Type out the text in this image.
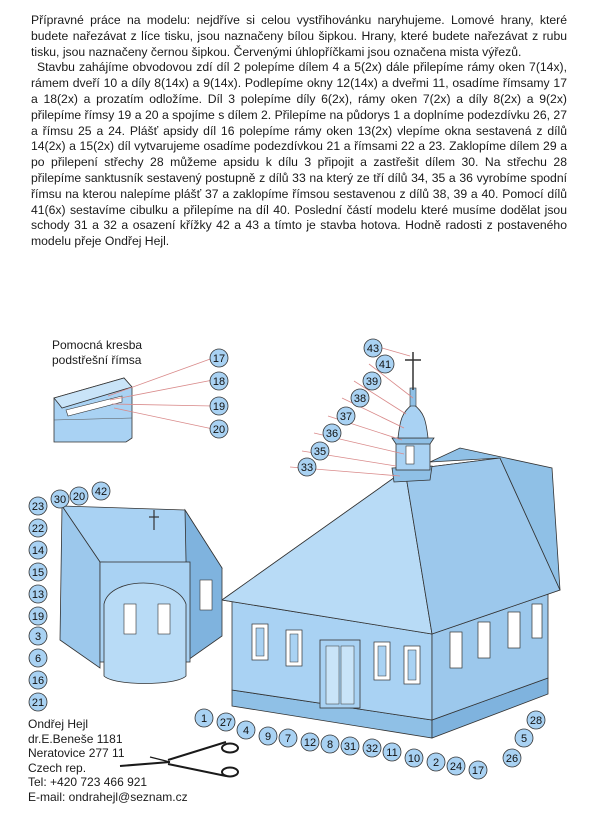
Přípravné práce na modelu: nejdříve si celou vystřihovánku naryhujeme. Lomové hrany, které budete nařezávat z líce tisku, jsou naznačeny bílou šipkou. Hrany, které budete nařezávat z rubu tisku, jsou naznačeny černou šipkou. Červenými úhlopříčkami jsou označena mista výřezů.

Stavbu zahájíme obvodovou zdí díl 2 polepíme dílem 4 a 5(2x) dále přilepíme rámy oken 7(14x), rámem dveří 10 a díly 8(14x) a 9(14x). Podlepíme okny 12(14x) a dveřmi 11, osadíme římsamy 17 a 18(2x) a prozatím odložíme. Díl 3 polepíme díly 6(2x), rámy oken 7(2x) a díly 8(2x) a 9(2x) přilepíme římsy 19 a 20 a spojíme s dílem 2. Přilepíme na půdorys 1 a doplníme podezdívku 26, 27 a římsu 25 a 24. Plášť apsidy díl 16 polepíme rámy oken 13(2x) vlepíme okna sestavená z dílů 14(2x) a 15(2x) díl vytvarujeme osadíme podezdívkou 21 a římsami 22 a 23. Zaklopíme dílem 29 a po přilepení střechy 28 můžeme apsidu k dílu 3 připojit a zastřešit dílem 30. Na střechu 28 přilepíme sanktusník sestavený postupně z dílů 33 na který ze tří dílů 34, 35 a 36 vyrobíme spodní římsu na kterou nalepíme plášť 37 a zaklopíme římsou sestavenou z dílů 38, 39 a 40. Pomocí dílů 41(6x) sestavíme cibulku a přilepíme na díl 40. Poslední částí modelu které musíme dodělat jsou schody 31 a 32 a osazení křížky 42 a 43 a tímto je stavba hotova. Hodně radosti z postaveného modelu přeje Ondřej Hejl.

Pomocná kresba
podstřešní římsa
43
41
39
38
37
36
35
33
17
18
19
20
23
30 20 42
22
14
15
13
19
3
6
16
21
1 27
4 9 7 12 8 31 32 11 10 2 24 17
28
5
26
Ondřej Hejl
dr.E.Beneše 1181
Neratovice 277 11
Czech rep.
Tel: +420 723 466 921
E-mail: ondrahejl@seznam.cz
